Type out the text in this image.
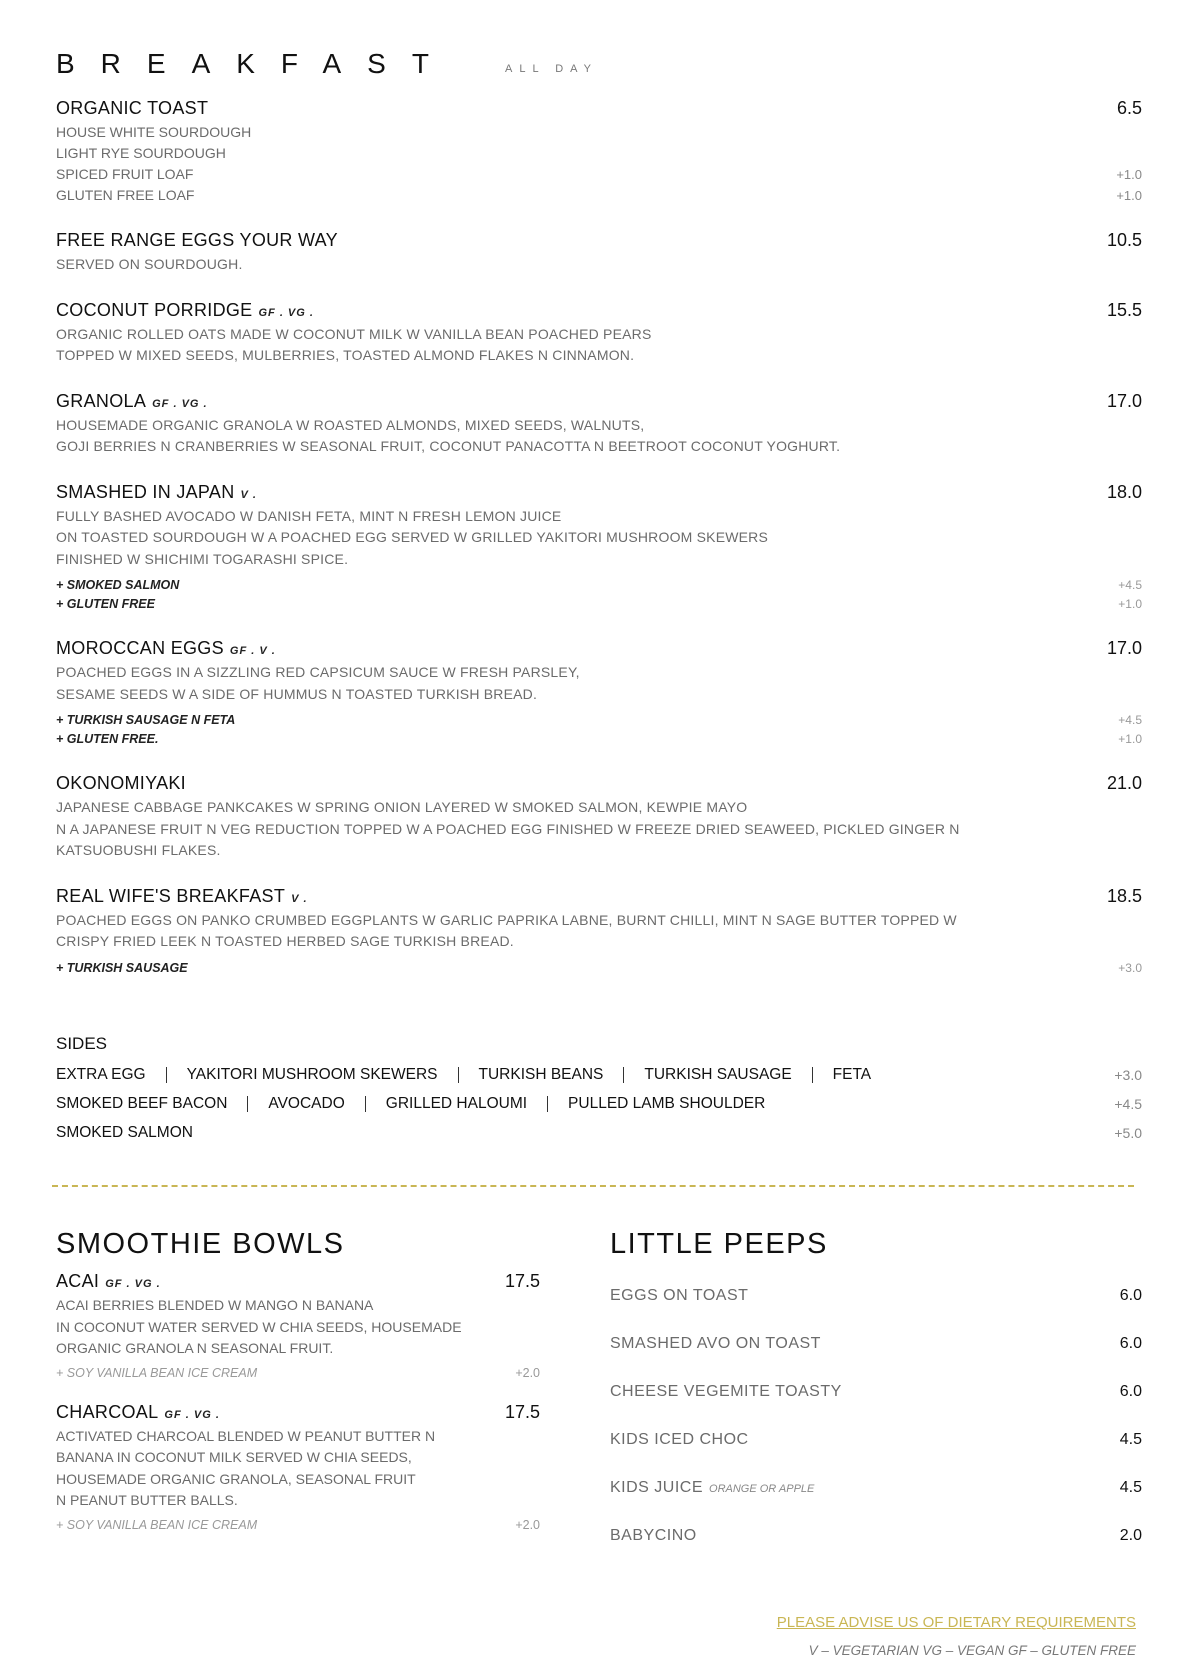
BREAKFAST	ALL DAY
ORGANIC TOAST	6.5
HOUSE WHITE SOURDOUGH
LIGHT RYE SOURDOUGH
SPICED FRUIT LOAF	+1.0
GLUTEN FREE LOAF	+1.0
FREE RANGE EGGS YOUR WAY	10.5
SERVED ON SOURDOUGH.
COCONUT PORRIDGE GF . VG .	15.5
ORGANIC ROLLED OATS MADE W COCONUT MILK W VANILLA BEAN POACHED PEARS
TOPPED W MIXED SEEDS, MULBERRIES, TOASTED ALMOND FLAKES N CINNAMON.
GRANOLA GF . VG .	17.0
HOUSEMADE ORGANIC GRANOLA W ROASTED ALMONDS, MIXED SEEDS, WALNUTS,
GOJI BERRIES N CRANBERRIES W SEASONAL FRUIT, COCONUT PANACOTTA N BEETROOT COCONUT YOGHURT.
SMASHED IN JAPAN V .	18.0
FULLY BASHED AVOCADO W DANISH FETA, MINT N FRESH LEMON JUICE
ON TOASTED SOURDOUGH W A POACHED EGG SERVED W GRILLED YAKITORI MUSHROOM SKEWERS
FINISHED W SHICHIMI TOGARASHI SPICE.
+ SMOKED SALMON	+4.5
+ GLUTEN FREE	+1.0
MOROCCAN EGGS GF . V .	17.0
POACHED EGGS IN A SIZZLING RED CAPSICUM SAUCE W FRESH PARSLEY,
SESAME SEEDS W A SIDE OF HUMMUS N TOASTED TURKISH BREAD.
+ TURKISH SAUSAGE N FETA	+4.5
+ GLUTEN FREE.	+1.0
OKONOMIYAKI	21.0
JAPANESE CABBAGE PANKCAKES W SPRING ONION LAYERED W SMOKED SALMON, KEWPIE MAYO
N A JAPANESE FRUIT N VEG REDUCTION TOPPED W A POACHED EGG FINISHED W FREEZE DRIED SEAWEED, PICKLED GINGER N
KATSUOBUSHI FLAKES.
REAL WIFE'S BREAKFAST V .	18.5
POACHED EGGS ON PANKO CRUMBED EGGPLANTS W GARLIC PAPRIKA LABNE, BURNT CHILLI, MINT N SAGE BUTTER TOPPED W
CRISPY FRIED LEEK N TOASTED HERBED SAGE TURKISH BREAD.
+ TURKISH SAUSAGE	+3.0
SIDES
EXTRA EGG	YAKITORI MUSHROOM SKEWERS	TURKISH BEANS	TURKISH SAUSAGE	FETA	+3.0
SMOKED BEEF BACON	AVOCADO	GRILLED HALOUMI	PULLED LAMB SHOULDER	+4.5
SMOKED SALMON	+5.0
SMOOTHIE BOWLS
ACAI GF . VG .	17.5
ACAI BERRIES BLENDED W MANGO N BANANA
IN COCONUT WATER SERVED W CHIA SEEDS, HOUSEMADE
ORGANIC GRANOLA N SEASONAL FRUIT.
+ SOY VANILLA BEAN ICE CREAM	+2.0
CHARCOAL GF . VG .	17.5
ACTIVATED CHARCOAL BLENDED W PEANUT BUTTER N
BANANA IN COCONUT MILK SERVED W CHIA SEEDS,
HOUSEMADE ORGANIC GRANOLA, SEASONAL FRUIT
N PEANUT BUTTER BALLS.
+ SOY VANILLA BEAN ICE CREAM	+2.0
LITTLE PEEPS
EGGS ON TOAST	6.0
SMASHED AVO ON TOAST	6.0
CHEESE VEGEMITE TOASTY	6.0
KIDS ICED CHOC	4.5
KIDS JUICE ORANGE OR APPLE	4.5
BABYCINO	2.0
PLEASE ADVISE US OF DIETARY REQUIREMENTS
V – VEGETARIAN VG – VEGAN GF – GLUTEN FREE
